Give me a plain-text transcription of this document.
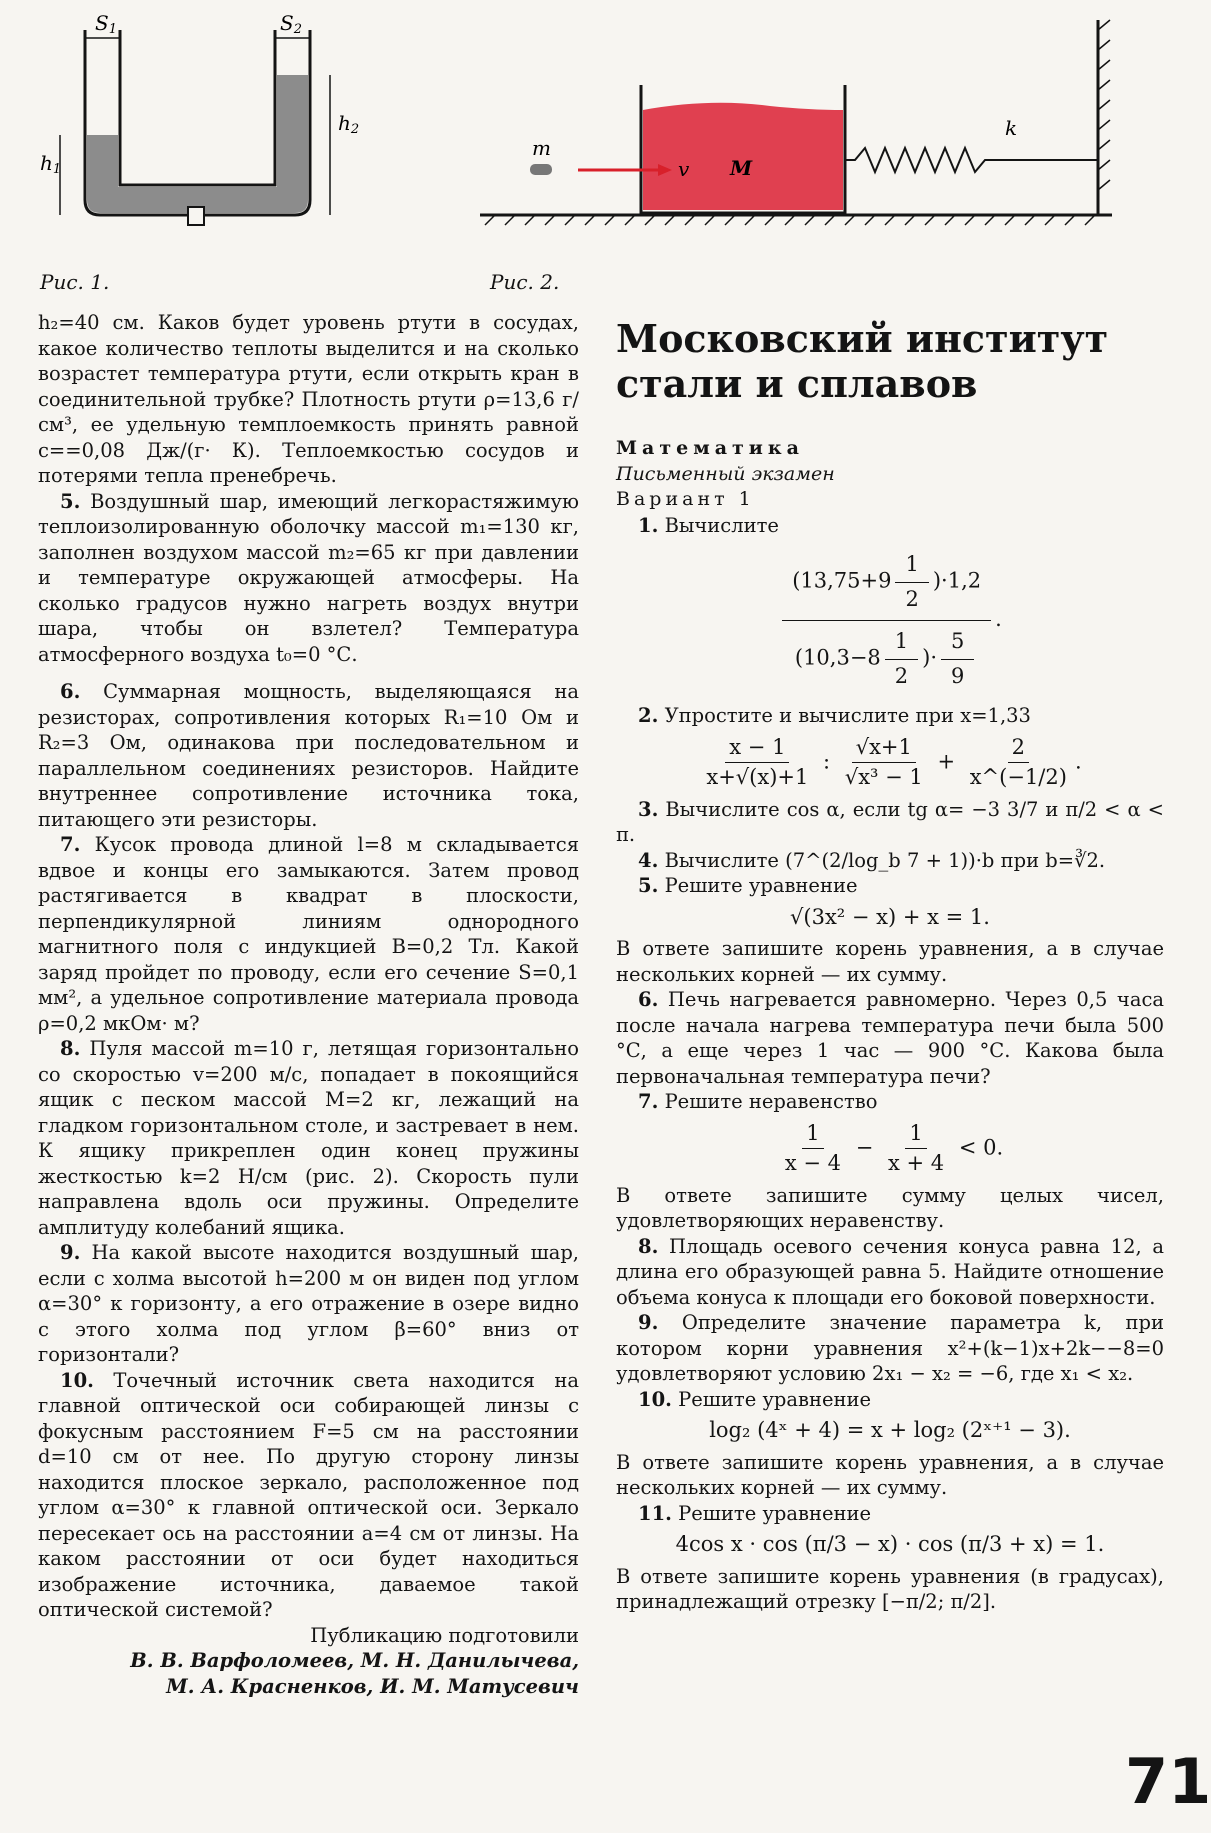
S1	S2
h1
h2
Рис. 1.
m
v M
k
Рис. 2.

h₂=40 см. Каков будет уровень ртути в сосудах, какое количество теплоты выделится и на сколько возрастет температура ртути, если открыть кран в соединительной трубке? Плотность ртути ρ=13,6 г/см³, ее удельную темплоемкость принять равной c==0,08 Дж/(г· К). Теплоемкостью сосудов и потерями тепла пренебречь.

5. Воздушный шар, имеющий легкорастяжимую теплоизолированную оболочку массой m₁=130 кг, заполнен воздухом массой m₂=65 кг при давлении и температуре окружающей атмосферы. На сколько градусов нужно нагреть воздух внутри шара, чтобы он взлетел? Температура атмосферного воздуха t₀=0 °С.

6. Суммарная мощность, выделяющаяся на резисторах, сопротивления которых R₁=10 Ом и R₂=3 Ом, одинакова при последовательном и параллельном соединениях резисторов. Найдите внутреннее сопротивление источника тока, питающего эти резисторы.

7. Кусок провода длиной l=8 м складывается вдвое и концы его замыкаются. Затем провод растягивается в квадрат в плоскости, перпендикулярной линиям однородного магнитного поля с индукцией B=0,2 Тл. Какой заряд пройдет по проводу, если его сечение S=0,1 мм², а удельное сопротивление материала провода ρ=0,2 мкОм· м?

8. Пуля массой m=10 г, летящая горизонтально со скоростью v=200 м/с, попадает в покоящийся ящик с песком массой M=2 кг, лежащий на гладком горизонтальном столе, и застревает в нем. К ящику прикреплен один конец пружины жесткостью k=2 Н/см (рис. 2). Скорость пули направлена вдоль оси пружины. Определите амплитуду колебаний ящика.

9. На какой высоте находится воздушный шар, если с холма высотой h=200 м он виден под углом α=30° к горизонту, а его отражение в озере видно с этого холма под углом β=60° вниз от горизонтали?

10. Точечный источник света находится на главной оптической оси собирающей линзы с фокусным расстоянием F=5 см на расстоянии d=10 см от нее. По другую сторону линзы находится плоское зеркало, расположенное под углом α=30° к главной оптической оси. Зеркало пересекает ось на расстоянии a=4 см от линзы. На каком расстоянии от оси будет находиться изображение источника, даваемое такой оптической системой?

Публикацию подготовили

В. В. Варфоломеев, М. Н. Данилычева,

М. А. Красненков, И. М. Матусевич

Московский институт стали и сплавов

Математика

Письменный экзамен

Вариант 1

1. Вычислите

$\frac{(13,75+9 \frac{1}{2} )\cdot 1,2}{(10,3-8 \frac{1}{2} )\cdot \frac{5}{9}}$ .

2. Упростите и вычислите при x=1,33

$\frac{x - 1}{x+√(x)+1}$ : $\frac{√x+1}{\text{√x³ − 1}} + \frac{2}{x\^{}(-1/2)}$ .

3. Вычислите cos α, если tg α= −3 3/7 и π/2 < α < π.

4. Вычислите (7^(2/log_b 7 + 1))·b при b=∛2.

5. Решите уравнение

√(3x² − x) + x = 1.

В ответе запишите корень уравнения, а в случае нескольких корней — их сумму.

6. Печь нагревается равномерно. Через 0,5 часа после начала нагрева температура печи была 500 °С, а еще через 1 час — 900 °С. Какова была первоначальная температура печи?

7. Решите неравенство

$\frac{1}{x - 4} - \frac{1}{x + 4} < 0$.

В ответе запишите сумму целых чисел, удовлетворяющих неравенству.

8. Площадь осевого сечения конуса равна 12, а длина его образующей равна 5. Найдите отношение объема конуса к площади его боковой поверхности.

9. Определите значение параметра k, при котором корни уравнения x²+(k−1)x+2k−−8=0 удовлетворяют условию 2x₁ − x₂ = −6, где x₁ < x₂.

10. Решите уравнение

log₂ (4ˣ + 4) = x + log₂ (2ˣ⁺¹ − 3).

В ответе запишите корень уравнения, а в случае нескольких корней — их сумму.

11. Решите уравнение

4cos x · cos (π/3 − x) · cos (π/3 + x) = 1.

В ответе запишите корень уравнения (в градусах), принадлежащий отрезку [−π/2; π/2].

71
